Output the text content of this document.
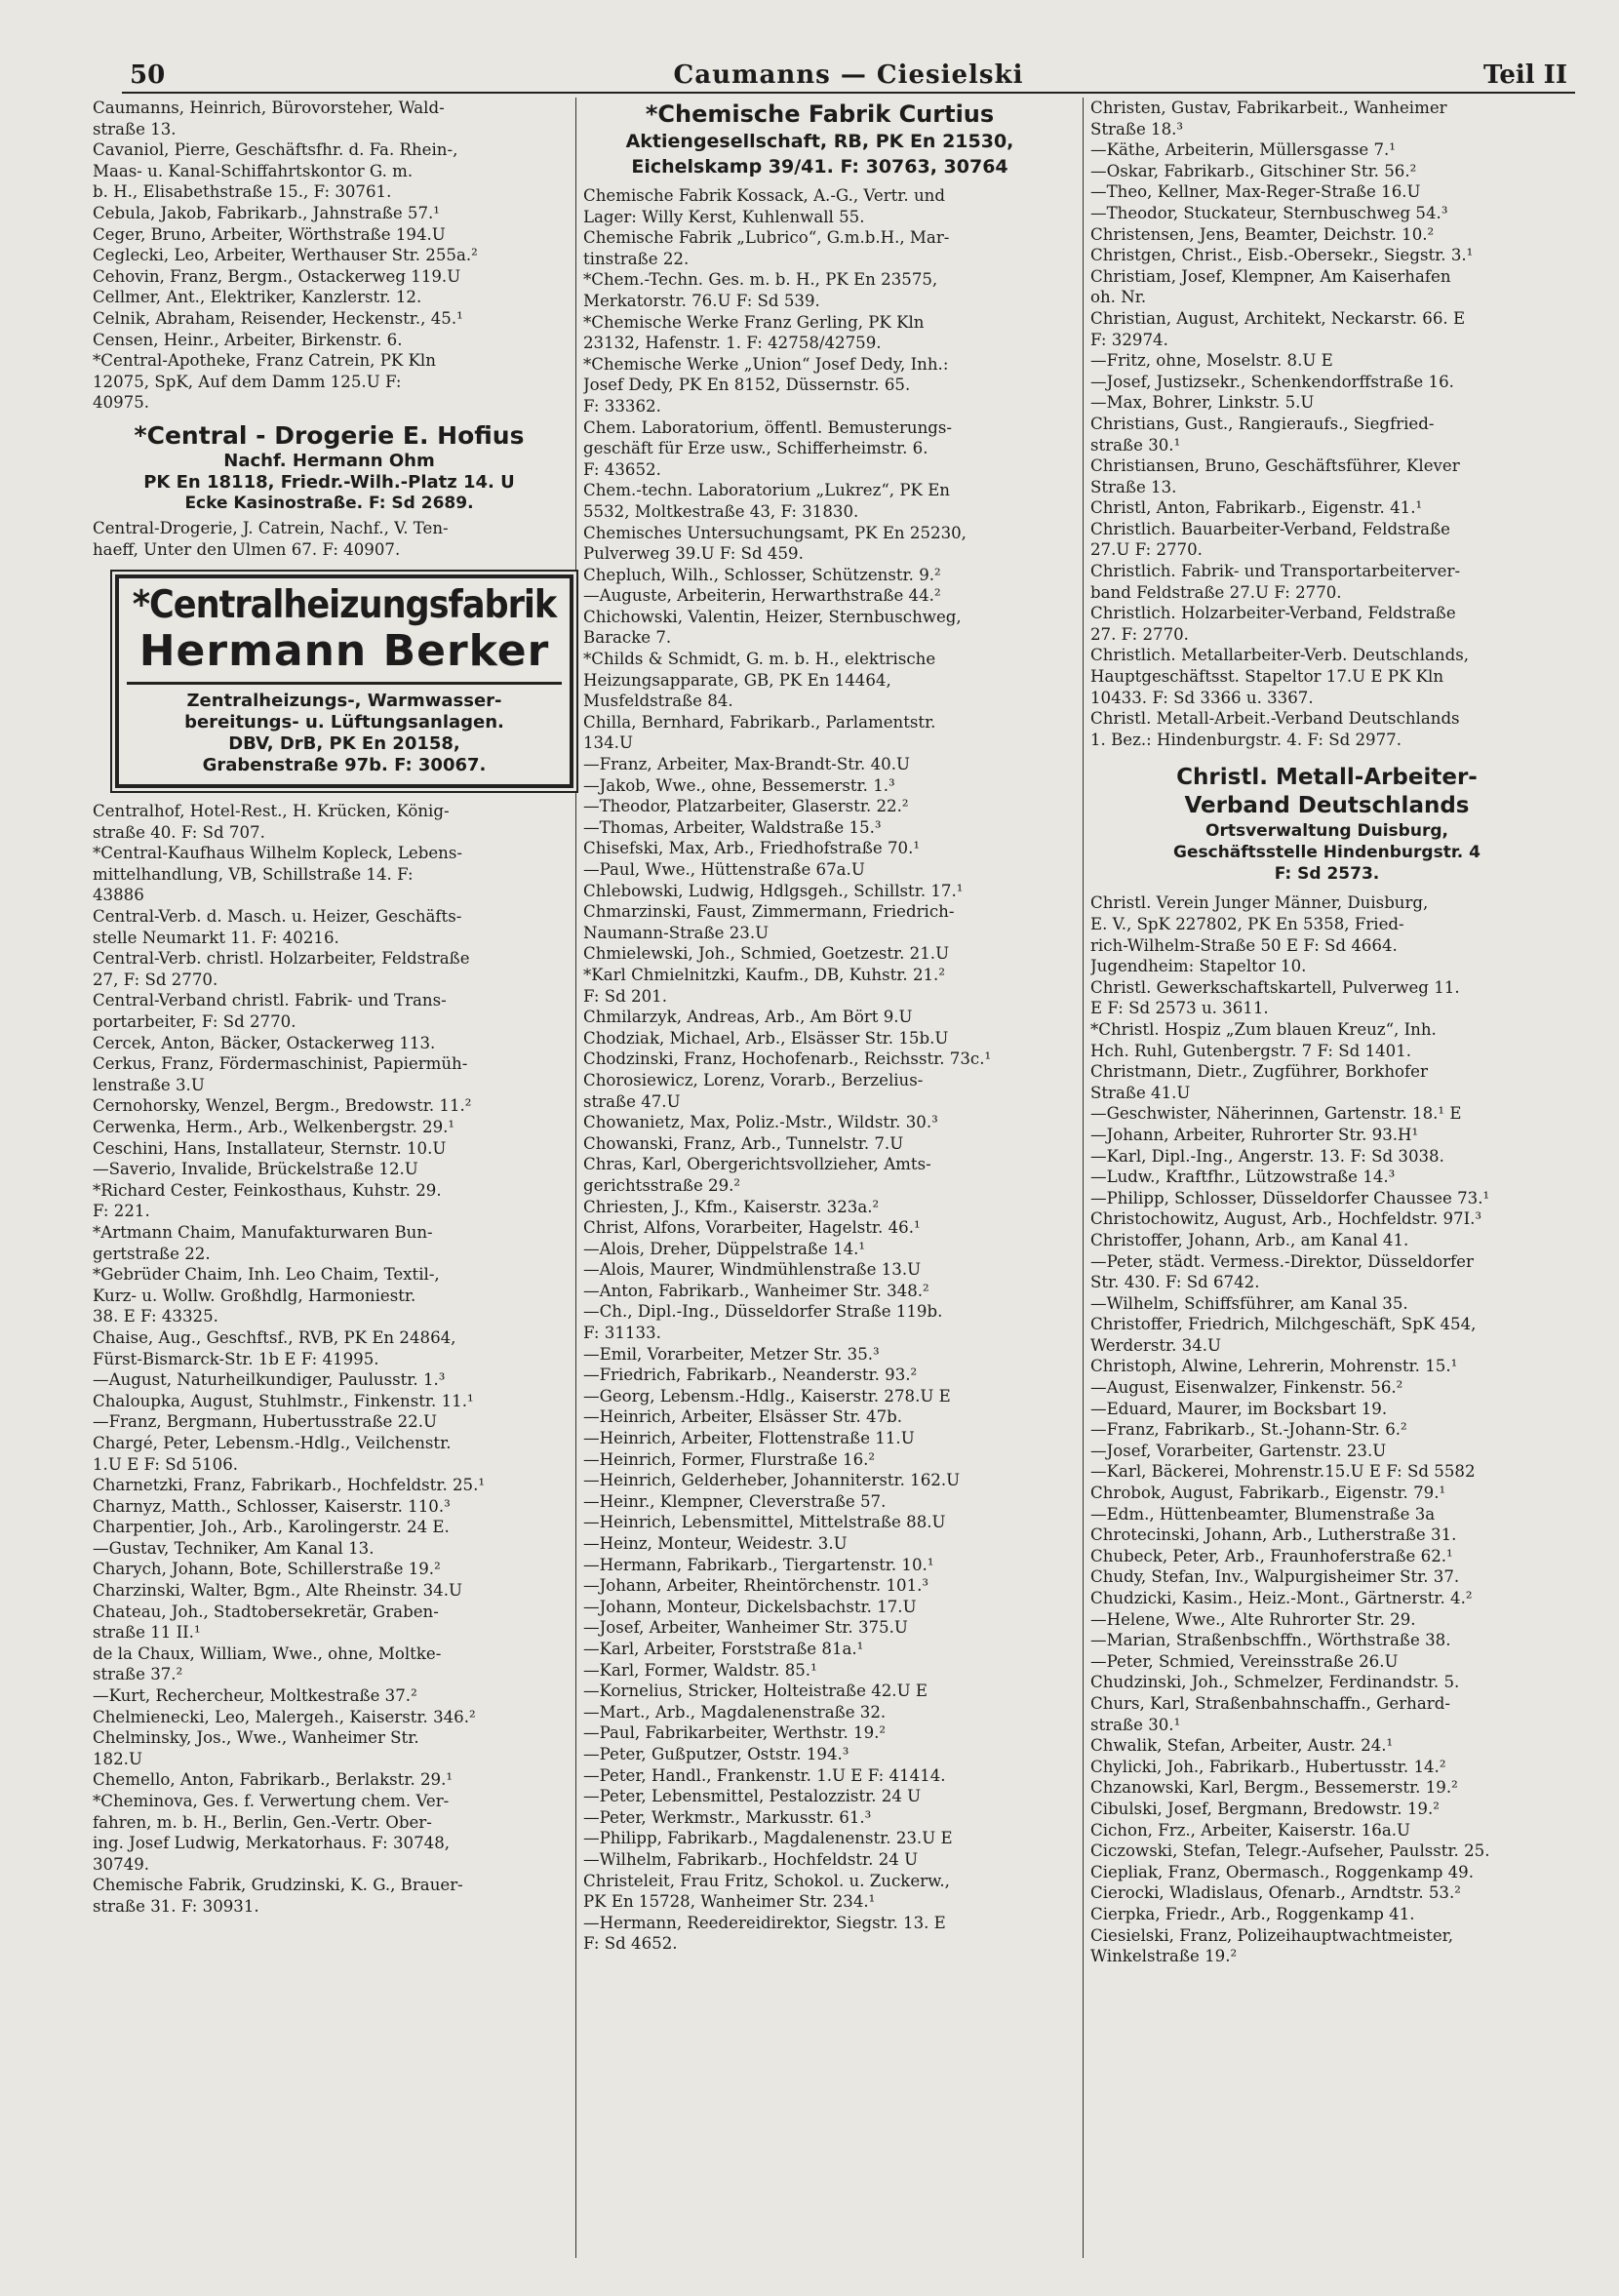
50	Caumanns — Ciesielski	Teil II
Caumanns, Heinrich, Bürovorsteher, Wald-
straße 13.
Cavaniol, Pierre, Geschäftsfhr. d. Fa. Rhein-,
Maas- u. Kanal-Schiffahrtskontor G. m.
b. H., Elisabethstraße 15., F: 30761.
Cebula, Jakob, Fabrikarb., Jahnstraße 57.¹
Ceger, Bruno, Arbeiter, Wörthstraße 194.U
Ceglecki, Leo, Arbeiter, Werthauser Str. 255a.²
Cehovin, Franz, Bergm., Ostackerweg 119.U
Cellmer, Ant., Elektriker, Kanzlerstr. 12.
Celnik, Abraham, Reisender, Heckenstr., 45.¹
Censen, Heinr., Arbeiter, Birkenstr. 6.
*Central-Apotheke, Franz Catrein, PK Kln
12075, SpK, Auf dem Damm 125.U F:
40975.
*Central - Drogerie E. Hofius
Nachf. Hermann Ohm
PK En 18118, Friedr.-Wilh.-Platz 14. U
Ecke Kasinostraße. F: Sd 2689.
Central-Drogerie, J. Catrein, Nachf., V. Ten-
haeff, Unter den Ulmen 67. F: 40907.
*Centralheizungsfabrik
Hermann Berker
Zentralheizungs-, Warmwasser-
bereitungs- u. Lüftungsanlagen.
DBV, DrB, PK En 20158,
Grabenstraße 97b. F: 30067.
Centralhof, Hotel-Rest., H. Krücken, König-
straße 40. F: Sd 707.
*Central-Kaufhaus Wilhelm Kopleck, Lebens-
mittelhandlung, VB, Schillstraße 14. F:
43886
Central-Verb. d. Masch. u. Heizer, Geschäfts-
stelle Neumarkt 11. F: 40216.
Central-Verb. christl. Holzarbeiter, Feldstraße
27, F: Sd 2770.
Central-Verband christl. Fabrik- und Trans-
portarbeiter, F: Sd 2770.
Cercek, Anton, Bäcker, Ostackerweg 113.
Cerkus, Franz, Fördermaschinist, Papiermüh-
lenstraße 3.U
Cernohorsky, Wenzel, Bergm., Bredowstr. 11.²
Cerwenka, Herm., Arb., Welkenbergstr. 29.¹
Ceschini, Hans, Installateur, Sternstr. 10.U
—Saverio, Invalide, Brückelstraße 12.U
*Richard Cester, Feinkosthaus, Kuhstr. 29.
F: 221.
*Artmann Chaim, Manufakturwaren Bun-
gertstraße 22.
*Gebrüder Chaim, Inh. Leo Chaim, Textil-,
Kurz- u. Wollw. Großhdlg, Harmoniestr.
38. E F: 43325.
Chaise, Aug., Geschftsf., RVB, PK En 24864,
Fürst-Bismarck-Str. 1b E F: 41995.
—August, Naturheilkundiger, Paulusstr. 1.³
Chaloupka, August, Stuhlmstr., Finkenstr. 11.¹
—Franz, Bergmann, Hubertusstraße 22.U
Chargé, Peter, Lebensm.-Hdlg., Veilchenstr.
1.U E F: Sd 5106.
Charnetzki, Franz, Fabrikarb., Hochfeldstr. 25.¹
Charnyz, Matth., Schlosser, Kaiserstr. 110.³
Charpentier, Joh., Arb., Karolingerstr. 24 E.
—Gustav, Techniker, Am Kanal 13.
Charych, Johann, Bote, Schillerstraße 19.²
Charzinski, Walter, Bgm., Alte Rheinstr. 34.U
Chateau, Joh., Stadtobersekretär, Graben-
straße 11 II.¹
de la Chaux, William, Wwe., ohne, Moltke-
straße 37.²
—Kurt, Rechercheur, Moltkestraße 37.²
Chelmienecki, Leo, Malergeh., Kaiserstr. 346.²
Chelminsky, Jos., Wwe., Wanheimer Str.
182.U
Chemello, Anton, Fabrikarb., Berlakstr. 29.¹
*Cheminova, Ges. f. Verwertung chem. Ver-
fahren, m. b. H., Berlin, Gen.-Vertr. Ober-
ing. Josef Ludwig, Merkatorhaus. F: 30748,
30749.
Chemische Fabrik, Grudzinski, K. G., Brauer-
straße 31. F: 30931.
*Chemische Fabrik Curtius
Aktiengesellschaft, RB, PK En 21530,
Eichelskamp 39/41. F: 30763, 30764
Chemische Fabrik Kossack, A.-G., Vertr. und
Lager: Willy Kerst, Kuhlenwall 55.
Chemische Fabrik „Lubrico“, G.m.b.H., Mar-
tinstraße 22.
*Chem.-Techn. Ges. m. b. H., PK En 23575,
Merkatorstr. 76.U F: Sd 539.
*Chemische Werke Franz Gerling, PK Kln
23132, Hafenstr. 1. F: 42758/42759.
*Chemische Werke „Union“ Josef Dedy, Inh.:
Josef Dedy, PK En 8152, Düssernstr. 65.
F: 33362.
Chem. Laboratorium, öffentl. Bemusterungs-
geschäft für Erze usw., Schifferheimstr. 6.
F: 43652.
Chem.-techn. Laboratorium „Lukrez“, PK En
5532, Moltkestraße 43, F: 31830.
Chemisches Untersuchungsamt, PK En 25230,
Pulverweg 39.U F: Sd 459.
Chepluch, Wilh., Schlosser, Schützenstr. 9.²
—Auguste, Arbeiterin, Herwarthstraße 44.²
Chichowski, Valentin, Heizer, Sternbuschweg,
Baracke 7.
*Childs & Schmidt, G. m. b. H., elektrische
Heizungsapparate, GB, PK En 14464,
Musfeldstraße 84.
Chilla, Bernhard, Fabrikarb., Parlamentstr.
134.U
—Franz, Arbeiter, Max-Brandt-Str. 40.U
—Jakob, Wwe., ohne, Bessemerstr. 1.³
—Theodor, Platzarbeiter, Glaserstr. 22.²
—Thomas, Arbeiter, Waldstraße 15.³
Chisefski, Max, Arb., Friedhofstraße 70.¹
—Paul, Wwe., Hüttenstraße 67a.U
Chlebowski, Ludwig, Hdlgsgeh., Schillstr. 17.¹
Chmarzinski, Faust, Zimmermann, Friedrich-
Naumann-Straße 23.U
Chmielewski, Joh., Schmied, Goetzestr. 21.U
*Karl Chmielnitzki, Kaufm., DB, Kuhstr. 21.²
F: Sd 201.
Chmilarzyk, Andreas, Arb., Am Bört 9.U
Chodziak, Michael, Arb., Elsässer Str. 15b.U
Chodzinski, Franz, Hochofenarb., Reichsstr. 73c.¹
Chorosiewicz, Lorenz, Vorarb., Berzelius-
straße 47.U
Chowanietz, Max, Poliz.-Mstr., Wildstr. 30.³
Chowanski, Franz, Arb., Tunnelstr. 7.U
Chras, Karl, Obergerichtsvollzieher, Amts-
gerichtsstraße 29.²
Chriesten, J., Kfm., Kaiserstr. 323a.²
Christ, Alfons, Vorarbeiter, Hagelstr. 46.¹
—Alois, Dreher, Düppelstraße 14.¹
—Alois, Maurer, Windmühlenstraße 13.U
—Anton, Fabrikarb., Wanheimer Str. 348.²
—Ch., Dipl.-Ing., Düsseldorfer Straße 119b.
F: 31133.
—Emil, Vorarbeiter, Metzer Str. 35.³
—Friedrich, Fabrikarb., Neanderstr. 93.²
—Georg, Lebensm.-Hdlg., Kaiserstr. 278.U E
—Heinrich, Arbeiter, Elsässer Str. 47b.
—Heinrich, Arbeiter, Flottenstraße 11.U
—Heinrich, Former, Flurstraße 16.²
—Heinrich, Gelderheber, Johanniterstr. 162.U
—Heinr., Klempner, Cleverstraße 57.
—Heinrich, Lebensmittel, Mittelstraße 88.U
—Heinz, Monteur, Weidestr. 3.U
—Hermann, Fabrikarb., Tiergartenstr. 10.¹
—Johann, Arbeiter, Rheintörchenstr. 101.³
—Johann, Monteur, Dickelsbachstr. 17.U
—Josef, Arbeiter, Wanheimer Str. 375.U
—Karl, Arbeiter, Forststraße 81a.¹
—Karl, Former, Waldstr. 85.¹
—Kornelius, Stricker, Holteistraße 42.U E
—Mart., Arb., Magdalenenstraße 32.
—Paul, Fabrikarbeiter, Werthstr. 19.²
—Peter, Gußputzer, Oststr. 194.³
—Peter, Handl., Frankenstr. 1.U E F: 41414.
—Peter, Lebensmittel, Pestalozzistr. 24 U
—Peter, Werkmstr., Markusstr. 61.³
—Philipp, Fabrikarb., Magdalenenstr. 23.U E
—Wilhelm, Fabrikarb., Hochfeldstr. 24 U
Christeleit, Frau Fritz, Schokol. u. Zuckerw.,
PK En 15728, Wanheimer Str. 234.¹
—Hermann, Reedereidirektor, Siegstr. 13. E
F: Sd 4652.
Christen, Gustav, Fabrikarbeit., Wanheimer
Straße 18.³
—Käthe, Arbeiterin, Müllersgasse 7.¹
—Oskar, Fabrikarb., Gitschiner Str. 56.²
—Theo, Kellner, Max-Reger-Straße 16.U
—Theodor, Stuckateur, Sternbuschweg 54.³
Christensen, Jens, Beamter, Deichstr. 10.²
Christgen, Christ., Eisb.-Obersekr., Siegstr. 3.¹
Christiam, Josef, Klempner, Am Kaiserhafen
oh. Nr.
Christian, August, Architekt, Neckarstr. 66. E
F: 32974.
—Fritz, ohne, Moselstr. 8.U E
—Josef, Justizsekr., Schenkendorffstraße 16.
—Max, Bohrer, Linkstr. 5.U
Christians, Gust., Rangieraufs., Siegfried-
straße 30.¹
Christiansen, Bruno, Geschäftsführer, Klever
Straße 13.
Christl, Anton, Fabrikarb., Eigenstr. 41.¹
Christlich. Bauarbeiter-Verband, Feldstraße
27.U F: 2770.
Christlich. Fabrik- und Transportarbeiterver-
band Feldstraße 27.U F: 2770.
Christlich. Holzarbeiter-Verband, Feldstraße
27. F: 2770.
Christlich. Metallarbeiter-Verb. Deutschlands,
Hauptgeschäftsst. Stapeltor 17.U E PK Kln
10433. F: Sd 3366 u. 3367.
Christl. Metall-Arbeit.-Verband Deutschlands
1. Bez.: Hindenburgstr. 4. F: Sd 2977.
Christl. Metall-Arbeiter-
Verband Deutschlands
Ortsverwaltung Duisburg,
Geschäftsstelle Hindenburgstr. 4
F: Sd 2573.
Christl. Verein Junger Männer, Duisburg,
E. V., SpK 227802, PK En 5358, Fried-
rich-Wilhelm-Straße 50 E F: Sd 4664.
Jugendheim: Stapeltor 10.
Christl. Gewerkschaftskartell, Pulverweg 11.
E F: Sd 2573 u. 3611.
*Christl. Hospiz „Zum blauen Kreuz“, Inh.
Hch. Ruhl, Gutenbergstr. 7 F: Sd 1401.
Christmann, Dietr., Zugführer, Borkhofer
Straße 41.U
—Geschwister, Näherinnen, Gartenstr. 18.¹ E
—Johann, Arbeiter, Ruhrorter Str. 93.H¹
—Karl, Dipl.-Ing., Angerstr. 13. F: Sd 3038.
—Ludw., Kraftfhr., Lützowstraße 14.³
—Philipp, Schlosser, Düsseldorfer Chaussee 73.¹
Christochowitz, August, Arb., Hochfeldstr. 97I.³
Christoffer, Johann, Arb., am Kanal 41.
—Peter, städt. Vermess.-Direktor, Düsseldorfer
Str. 430. F: Sd 6742.
—Wilhelm, Schiffsführer, am Kanal 35.
Christoffer, Friedrich, Milchgeschäft, SpK 454,
Werderstr. 34.U
Christoph, Alwine, Lehrerin, Mohrenstr. 15.¹
—August, Eisenwalzer, Finkenstr. 56.²
—Eduard, Maurer, im Bocksbart 19.
—Franz, Fabrikarb., St.-Johann-Str. 6.²
—Josef, Vorarbeiter, Gartenstr. 23.U
—Karl, Bäckerei, Mohrenstr.15.U E F: Sd 5582
Chrobok, August, Fabrikarb., Eigenstr. 79.¹
—Edm., Hüttenbeamter, Blumenstraße 3a
Chrotecinski, Johann, Arb., Lutherstraße 31.
Chubeck, Peter, Arb., Fraunhoferstraße 62.¹
Chudy, Stefan, Inv., Walpurgisheimer Str. 37.
Chudzicki, Kasim., Heiz.-Mont., Gärtnerstr. 4.²
—Helene, Wwe., Alte Ruhrorter Str. 29.
—Marian, Straßenbschffn., Wörthstraße 38.
—Peter, Schmied, Vereinsstraße 26.U
Chudzinski, Joh., Schmelzer, Ferdinandstr. 5.
Churs, Karl, Straßenbahnschaffn., Gerhard-
straße 30.¹
Chwalik, Stefan, Arbeiter, Austr. 24.¹
Chylicki, Joh., Fabrikarb., Hubertusstr. 14.²
Chzanowski, Karl, Bergm., Bessemerstr. 19.²
Cibulski, Josef, Bergmann, Bredowstr. 19.²
Cichon, Frz., Arbeiter, Kaiserstr. 16a.U
Ciczowski, Stefan, Telegr.-Aufseher, Paulsstr. 25.
Ciepliak, Franz, Obermasch., Roggenkamp 49.
Cierocki, Wladislaus, Ofenarb., Arndtstr. 53.²
Cierpka, Friedr., Arb., Roggenkamp 41.
Ciesielski, Franz, Polizeihauptwachtmeister,
Winkelstraße 19.²
